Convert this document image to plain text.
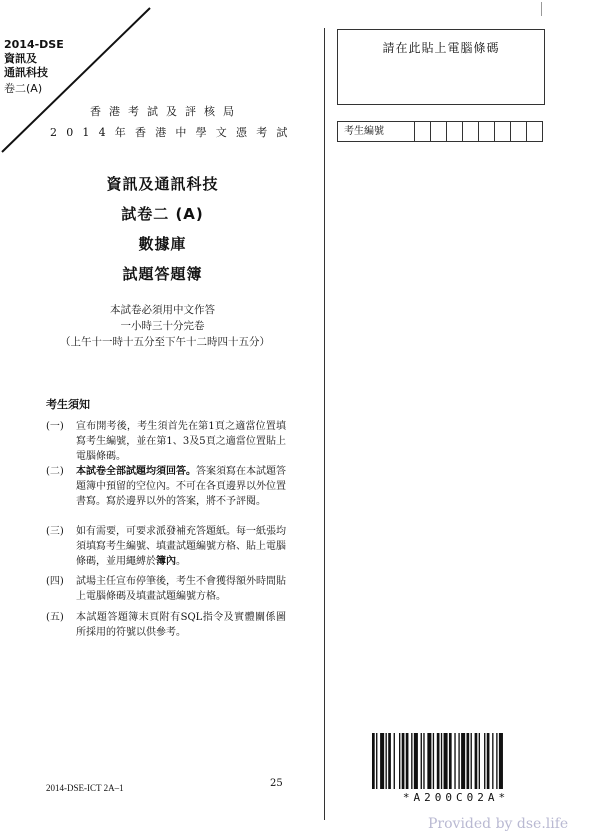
2014-DSE
資訊及
通訊科技
卷二(A)
香港考試及評核局
2014年香港中學文憑考試
請在此貼上電腦條碼
考生編號
資訊及通訊科技
試卷二 (A)
數據庫
試題答題簿
本試卷必須用中文作答
一小時三十分完卷
（上午十一時十五分至下午十二時四十五分）
考生須知
(一) 宣布開考後，考生須首先在第1頁之適當位置填寫考生編號，並在第1、3及5頁之適當位置貼上電腦條碼。
(二) 本試卷全部試題均須回答。答案須寫在本試題答題簿中預留的空位內。不可在各頁邊界以外位置書寫。寫於邊界以外的答案，將不予評閱。
(三) 如有需要，可要求派發補充答題紙。每一紙張均須填寫考生編號、填畫試題編號方格、貼上電腦條碼，並用繩縛於簿內。
(四) 試場主任宣布停筆後，考生不會獲得額外時間貼上電腦條碼及填畫試題編號方格。
(五) 本試題答題簿末頁附有SQL指令及實體關係圖所採用的符號以供參考。
25
2014-DSE-ICT 2A–1
*A200C02A*
Provided by dse.life
